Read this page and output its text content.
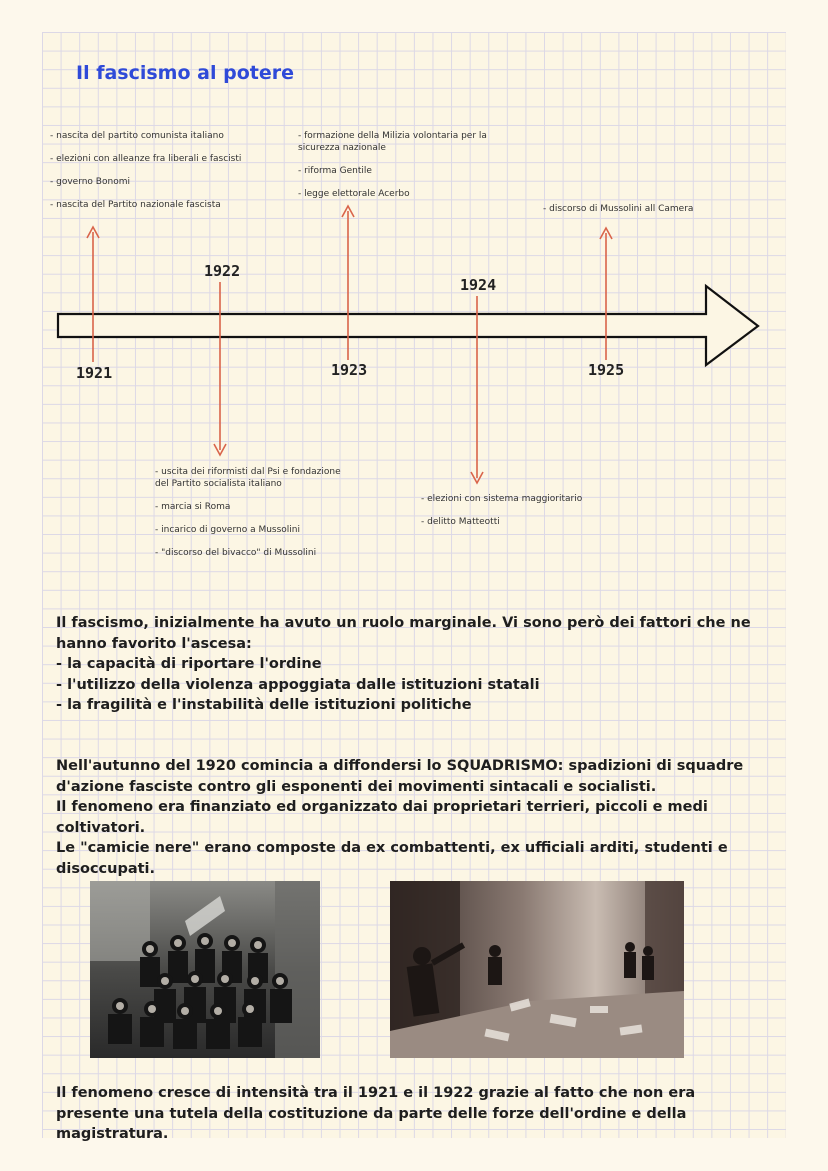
Il fascismo al potere
1921
1922
1923
1924
1925
- nascita del partito comunista italiano
- elezioni con alleanze fra liberali e fascisti
- governo Bonomi
- nascita del Partito nazionale fascista
- formazione della Milizia volontaria per la sicurezza nazionale
- riforma Gentile
- legge elettorale Acerbo
- discorso di Mussolini all Camera
- uscita dei riformisti dal Psi e fondazione del Partito socialista italiano
- marcia si Roma
- incarico di governo a Mussolini
- "discorso del bivacco" di Mussolini
- elezioni con sistema maggioritario
- delitto Matteotti
Il fascismo, inizialmente ha avuto un ruolo marginale. Vi sono però dei fattori che ne hanno favorito l'ascesa:
- la capacità di riportare l'ordine
- l'utilizzo della violenza appoggiata dalle istituzioni statali
- la fragilità e l'instabilità delle istituzioni politiche
Nell'autunno del 1920 comincia a diffondersi lo SQUADRISMO: spadizioni di squadre d'azione fasciste contro gli esponenti dei movimenti sintacali e socialisti.
Il fenomeno era finanziato ed organizzato dai proprietari terrieri, piccoli e medi coltivatori.
Le "camicie nere" erano composte da ex combattenti, ex ufficiali arditi, studenti e disoccupati.
Il fenomeno cresce di intensità tra il 1921 e il 1922 grazie al fatto che non era presente una tutela della costituzione da parte delle forze dell'ordine e della magistratura.
